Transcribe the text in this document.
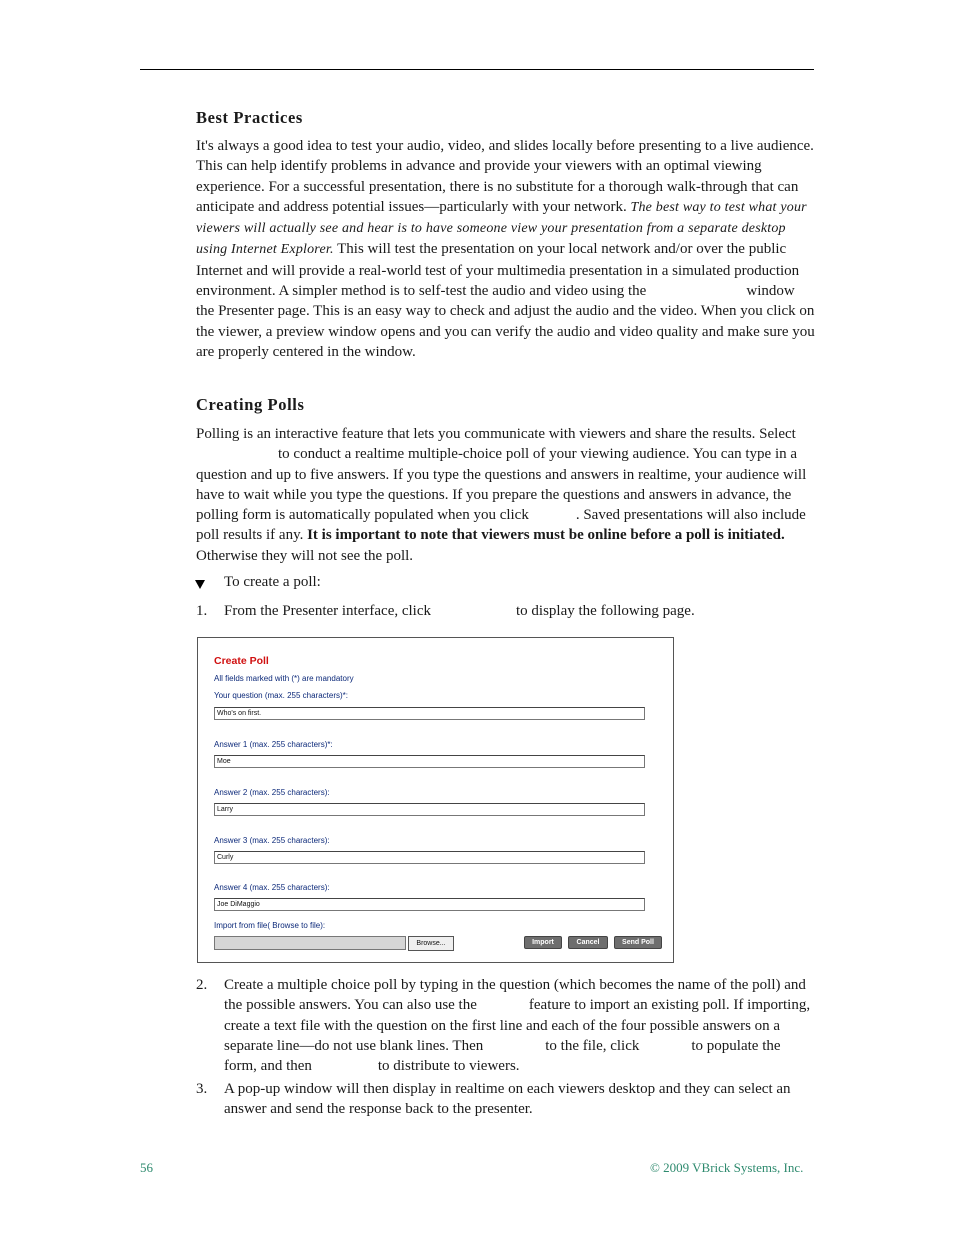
Best Practices

It's always a good idea to test your audio, video, and slides locally before presenting to a live audience. This can help identify problems in advance and provide your viewers with an optimal viewing experience. For a successful presentation, there is no substitute for a thorough walk-through that can anticipate and address potential issues—particularly with your network. The best way to test what your viewers will actually see and hear is to have someone view your presentation from a separate desktop using Internet Explorer. This will test the presentation on your local network and/or over the public Internet and will provide a real-world test of your multimedia presentation in a simulated production environment. A simpler method is to self-test the audio and video using the	window the Presenter page. This is an easy way to check and adjust the audio and the video. When you click on the viewer, a preview window opens and you can verify the audio and video quality and make sure you are properly centered in the window.

Creating Polls

Polling is an interactive feature that lets you communicate with viewers and share the results. Selectto conduct a realtime multiple-choice poll of your viewing audience. You can type in a question and up to five answers. If you type the questions and answers in realtime, your audience will have to wait while you type the questions. If you prepare the questions and answers in advance, the polling form is automatically populated when you click	. Saved presentations will also include poll results if any. It is important to note that viewers must be online before a poll is initiated. Otherwise they will not see the poll.

To create a poll:
1. From the Presenter interface, click	to display the following page.
Create Poll
All fields marked with (*) are mandatory
Your question (max. 255 characters)*:
Who's on first.
Answer 1 (max. 255 characters)*:
Moe
Answer 2 (max. 255 characters):
Larry
Answer 3 (max. 255 characters):
Curly
Answer 4 (max. 255 characters):
Joe DiMaggio
Import from file( Browse to file):
Browse...	Import	Cancel	Send Poll
2. Create a multiple choice poll by typing in the question (which becomes the name of the poll) and the possible answers. You can also use the	feature to import an existing poll. If importing, create a text file with the question on the first line and each of the four possible answers on a separate line—do not use blank lines. Then	to the file, click	to populate the form, and then	to distribute to viewers.
3. A pop-up window will then display in realtime on each viewers desktop and they can select an answer and send the response back to the presenter.
56	© 2009 VBrick Systems, Inc.
